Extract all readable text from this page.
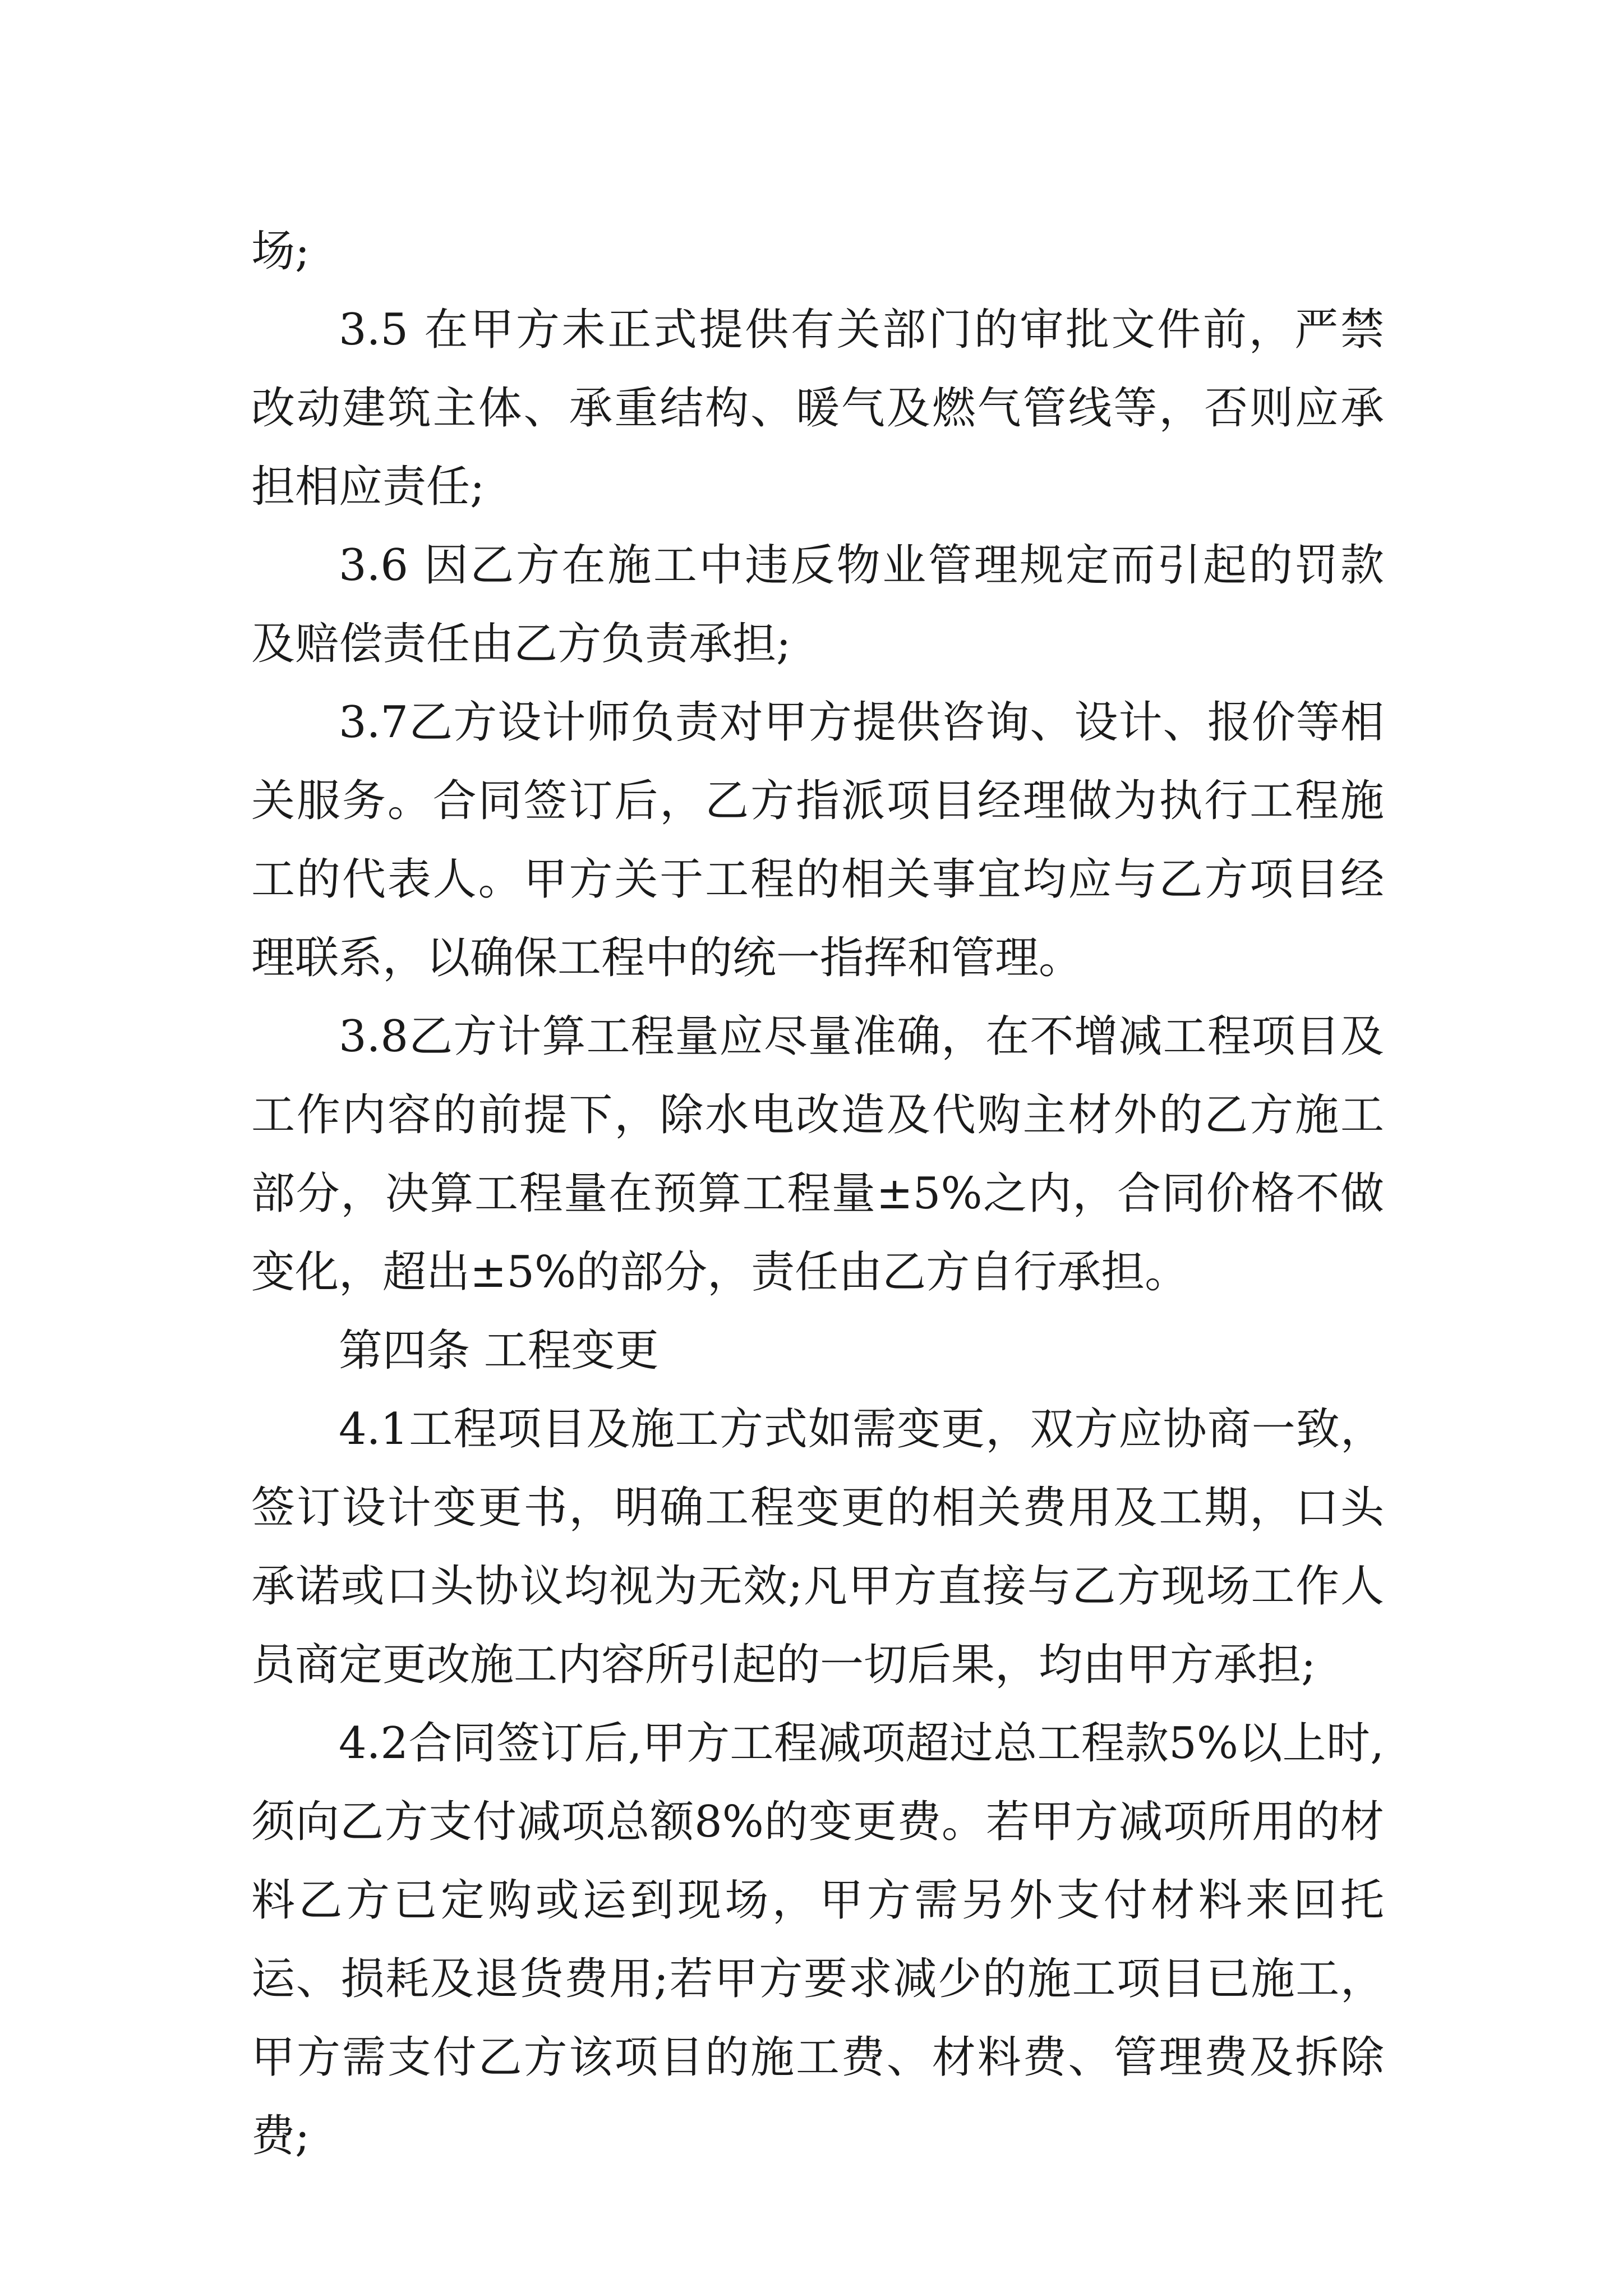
场;

3.5 在甲方未正式提供有关部门的审批文件前，严禁改动建筑主体、承重结构、暖气及燃气管线等，否则应承担相应责任;

3.6 因乙方在施工中违反物业管理规定而引起的罚款及赔偿责任由乙方负责承担;

3.7乙方设计师负责对甲方提供咨询、设计、报价等相关服务。合同签订后，乙方指派项目经理做为执行工程施工的代表人。甲方关于工程的相关事宜均应与乙方项目经理联系，以确保工程中的统一指挥和管理。

3.8乙方计算工程量应尽量准确，在不增减工程项目及工作内容的前提下，除水电改造及代购主材外的乙方施工部分，决算工程量在预算工程量±5%之内，合同价格不做变化，超出±5%的部分，责任由乙方自行承担。

第四条 工程变更

4.1工程项目及施工方式如需变更，双方应协商一致，签订设计变更书，明确工程变更的相关费用及工期，口头承诺或口头协议均视为无效;凡甲方直接与乙方现场工作人员商定更改施工内容所引起的一切后果，均由甲方承担;

4.2合同签订后,甲方工程减项超过总工程款5%以上时,须向乙方支付减项总额8%的变更费。若甲方减项所用的材料乙方已定购或运到现场，甲方需另外支付材料来回托运、损耗及退货费用;若甲方要求减少的施工项目已施工，甲方需支付乙方该项目的施工费、材料费、管理费及拆除费;
